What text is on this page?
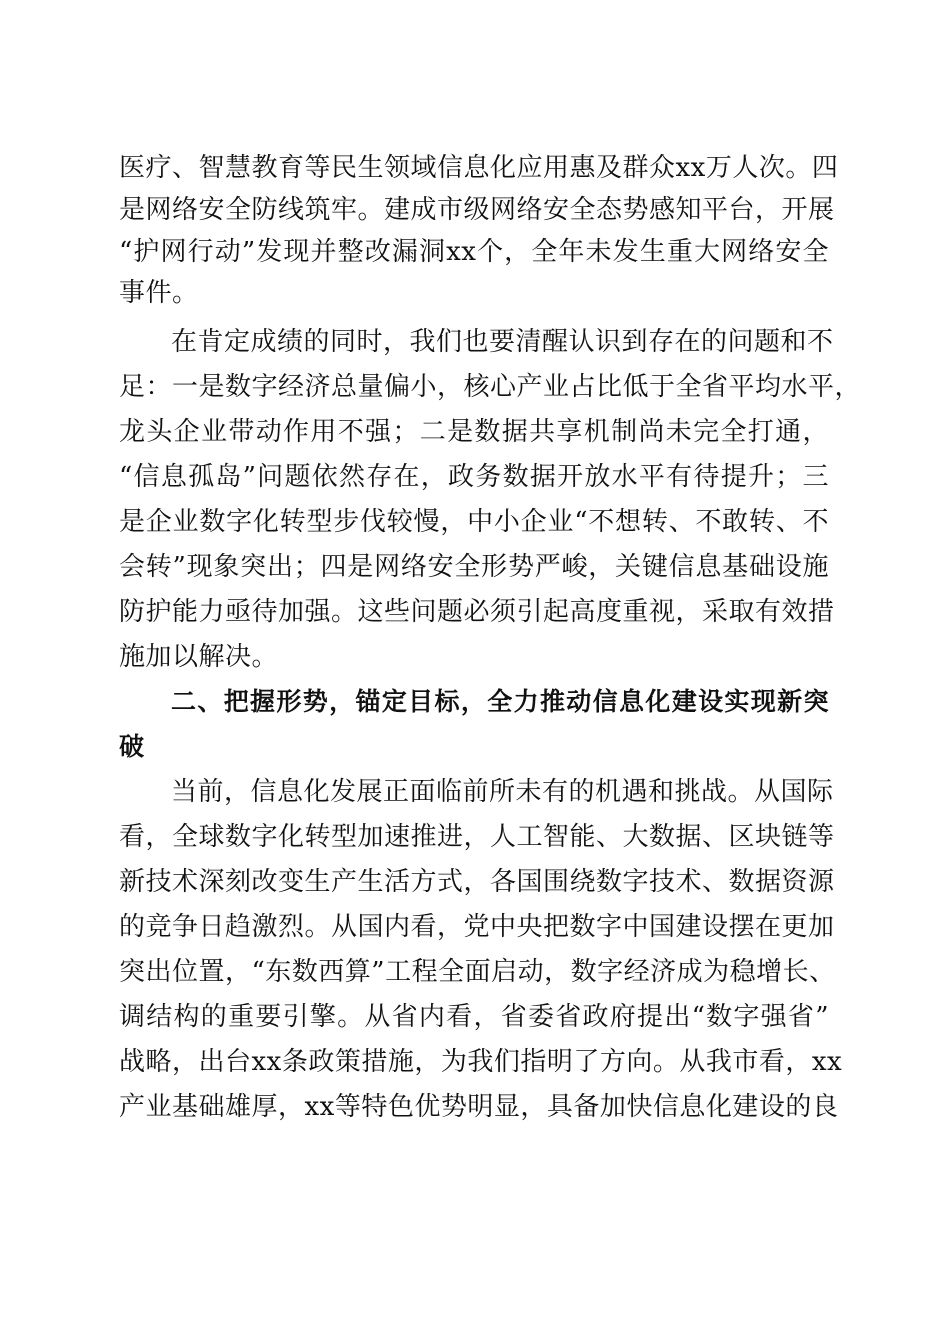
医疗、智慧教育等民生领域信息化应用惠及群众xx万人次。四
是网络安全防线筑牢。建成市级网络安全态势感知平台，开展
“护网行动”发现并整改漏洞xx个，全年未发生重大网络安全
事件。
在肯定成绩的同时，我们也要清醒认识到存在的问题和不
足：一是数字经济总量偏小，核心产业占比低于全省平均水平，
龙头企业带动作用不强；二是数据共享机制尚未完全打通，
“信息孤岛”问题依然存在，政务数据开放水平有待提升；三
是企业数字化转型步伐较慢，中小企业“不想转、不敢转、不
会转”现象突出；四是网络安全形势严峻，关键信息基础设施
防护能力亟待加强。这些问题必须引起高度重视，采取有效措
施加以解决。
二、把握形势，锚定目标，全力推动信息化建设实现新突
破
当前，信息化发展正面临前所未有的机遇和挑战。从国际
看，全球数字化转型加速推进，人工智能、大数据、区块链等
新技术深刻改变生产生活方式，各国围绕数字技术、数据资源
的竞争日趋激烈。从国内看，党中央把数字中国建设摆在更加
突出位置，“东数西算”工程全面启动，数字经济成为稳增长、
调结构的重要引擎。从省内看，省委省政府提出“数字强省”
战略，出台xx条政策措施，为我们指明了方向。从我市看，xx
产业基础雄厚，xx等特色优势明显，具备加快信息化建设的良
